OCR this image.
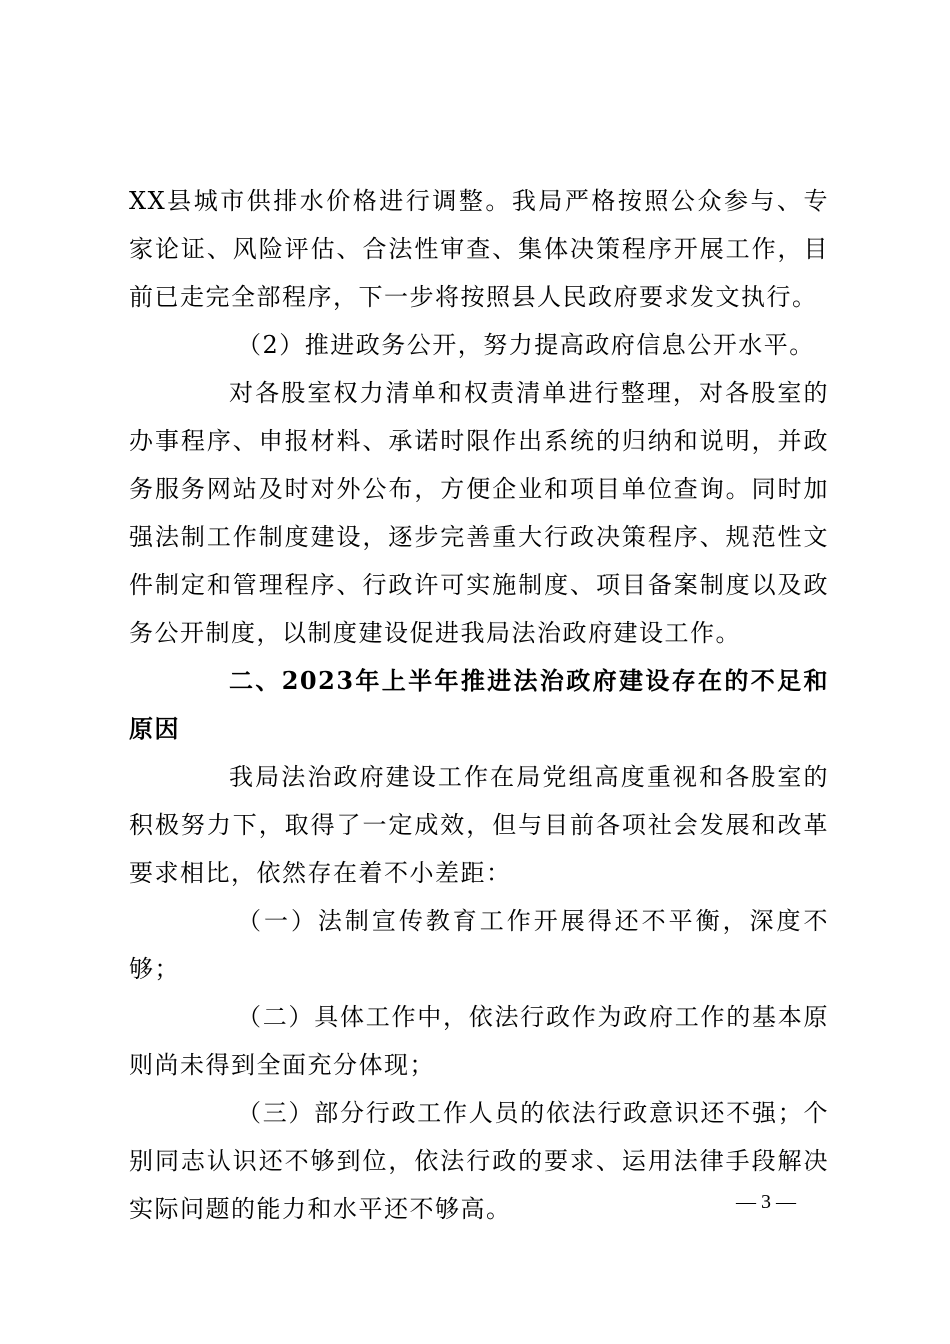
XX县城市供排水价格进行调整。我局严格按照公众参与、专家论证、风险评估、合法性审查、集体决策程序开展工作，目前已走完全部程序，下一步将按照县人民政府要求发文执行。

（2）推进政务公开，努力提高政府信息公开水平。

对各股室权力清单和权责清单进行整理，对各股室的办事程序、申报材料、承诺时限作出系统的归纳和说明，并政务服务网站及时对外公布，方便企业和项目单位查询。同时加强法制工作制度建设，逐步完善重大行政决策程序、规范性文件制定和管理程序、行政许可实施制度、项目备案制度以及政务公开制度，以制度建设促进我局法治政府建设工作。

二、2023年上半年推进法治政府建设存在的不足和原因

我局法治政府建设工作在局党组高度重视和各股室的积极努力下，取得了一定成效，但与目前各项社会发展和改革要求相比，依然存在着不小差距：

（一）法制宣传教育工作开展得还不平衡，深度不够；

（二）具体工作中，依法行政作为政府工作的基本原则尚未得到全面充分体现；

（三）部分行政工作人员的依法行政意识还不强；个别同志认识还不够到位，依法行政的要求、运用法律手段解决实际问题的能力和水平还不够高。	— 3 —
